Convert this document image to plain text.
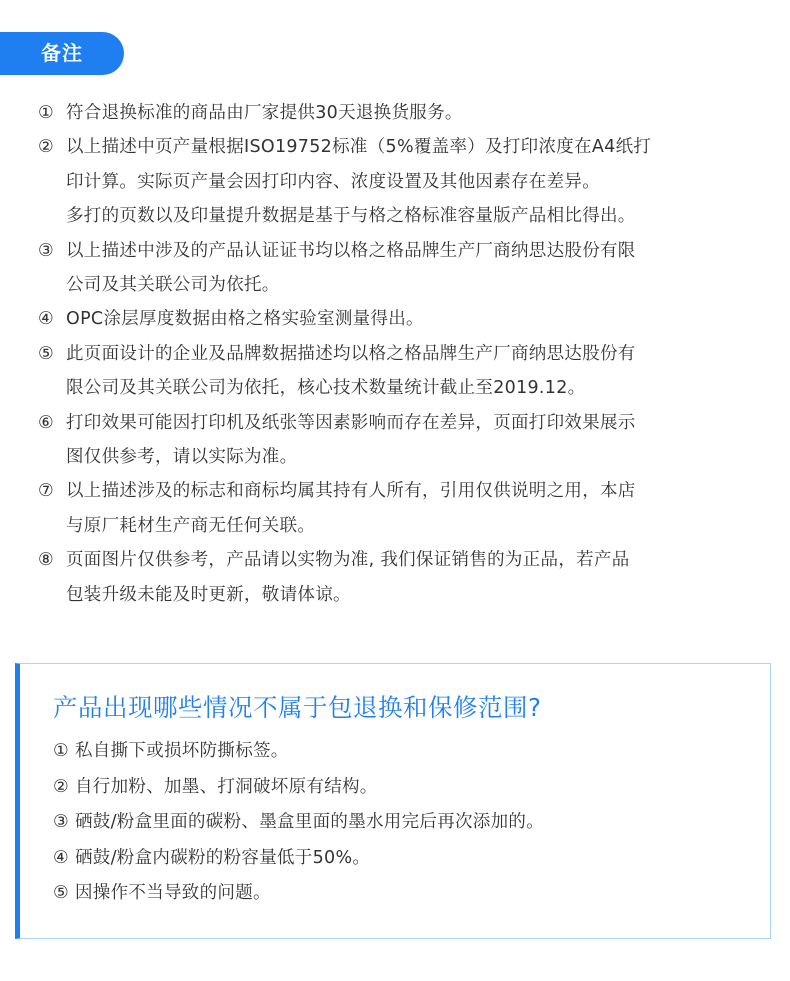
备注
① 符合退换标准的商品由厂家提供30天退换货服务。
② 以上描述中页产量根据ISO19752标准（5%覆盖率）及打印浓度在A4纸打
印计算。实际页产量会因打印内容、浓度设置及其他因素存在差异。
多打的页数以及印量提升数据是基于与格之格标准容量版产品相比得出。
③ 以上描述中涉及的产品认证证书均以格之格品牌生产厂商纳思达股份有限
公司及其关联公司为依托。
④ OPC涂层厚度数据由格之格实验室测量得出。
⑤ 此页面设计的企业及品牌数据描述均以格之格品牌生产厂商纳思达股份有
限公司及其关联公司为依托，核心技术数量统计截止至2019.12。
⑥ 打印效果可能因打印机及纸张等因素影响而存在差异，页面打印效果展示
图仅供参考，请以实际为准。
⑦ 以上描述涉及的标志和商标均属其持有人所有，引用仅供说明之用，本店
与原厂耗材生产商无任何关联。
⑧ 页面图片仅供参考，产品请以实物为准, 我们保证销售的为正品，若产品
包装升级未能及时更新，敬请体谅。
产品出现哪些情况不属于包退换和保修范围?
① 私自撕下或损坏防撕标签。
② 自行加粉、加墨、打洞破坏原有结构。
③ 硒鼓/粉盒里面的碳粉、墨盒里面的墨水用完后再次添加的。
④ 硒鼓/粉盒内碳粉的粉容量低于50%。
⑤ 因操作不当导致的问题。
